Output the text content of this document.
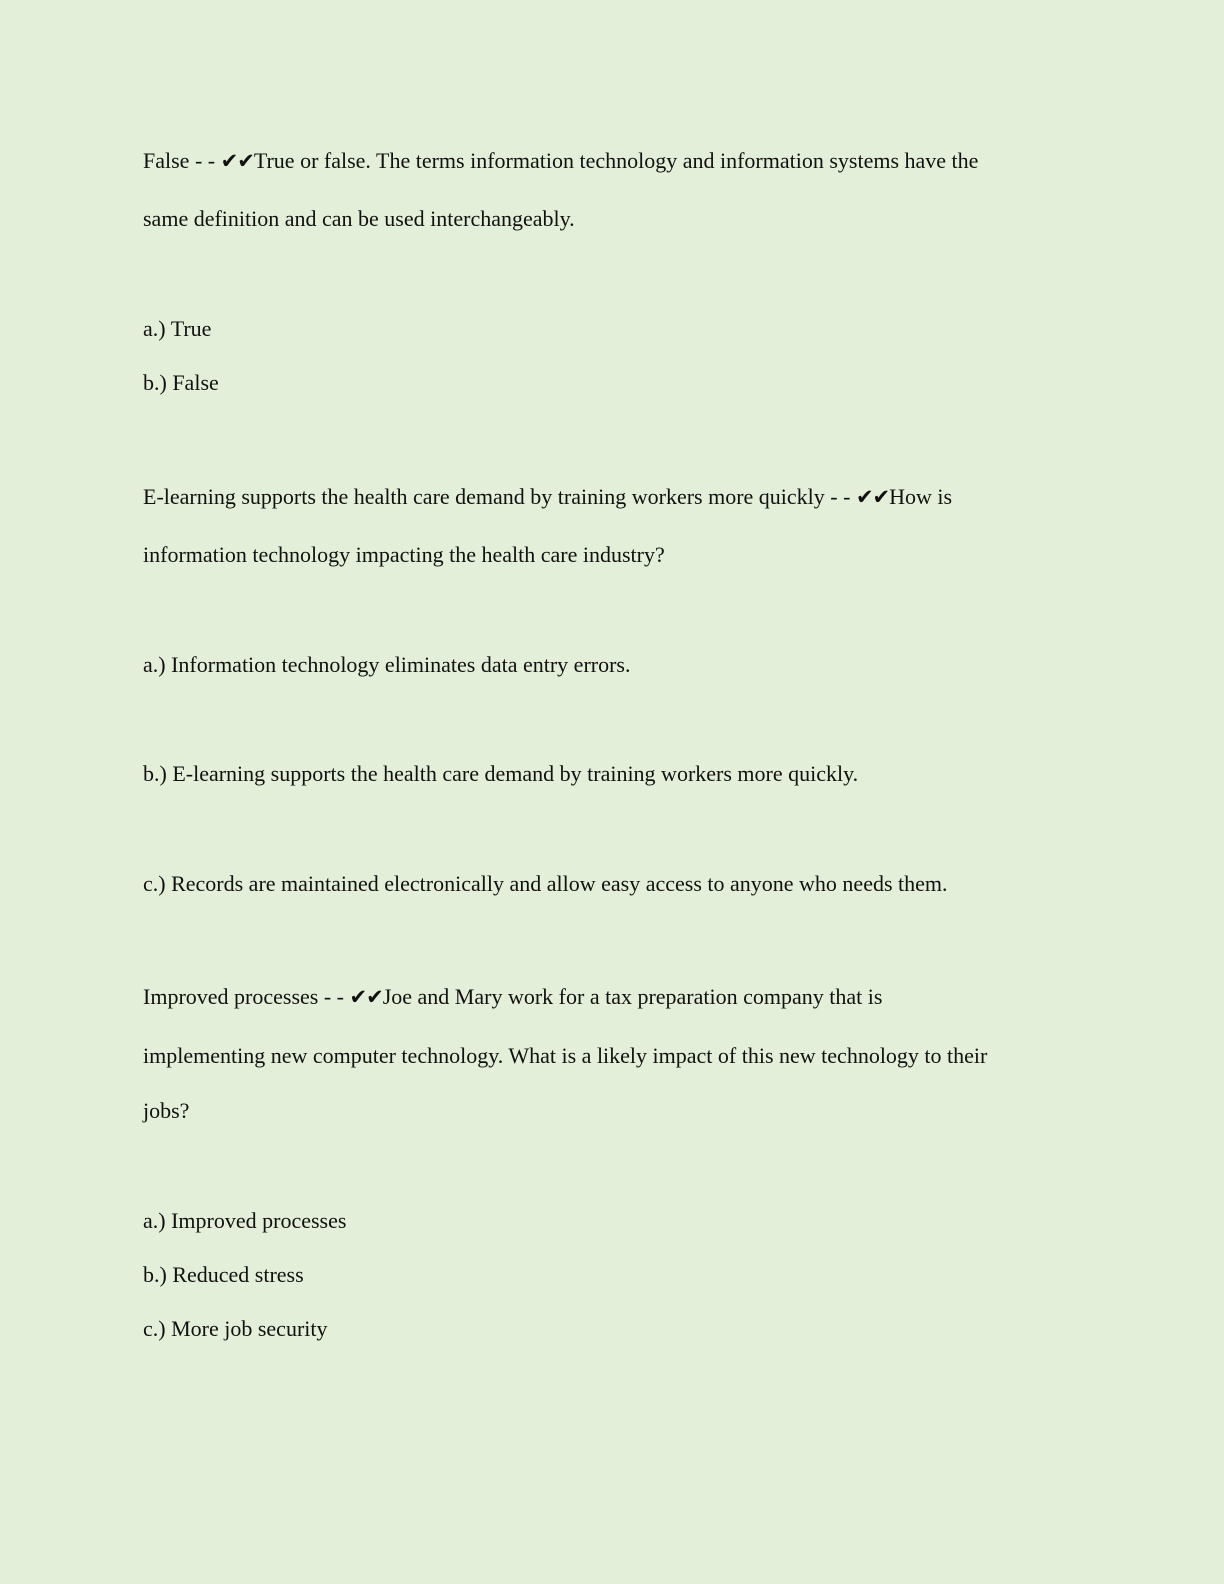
False - - ✔✔True or false. The terms information technology and information systems have the
same definition and can be used interchangeably.
a.) True
b.) False
E-learning supports the health care demand by training workers more quickly - - ✔✔How is
information technology impacting the health care industry?
a.) Information technology eliminates data entry errors.
b.) E-learning supports the health care demand by training workers more quickly.
c.) Records are maintained electronically and allow easy access to anyone who needs them.
Improved processes - - ✔✔Joe and Mary work for a tax preparation company that is
implementing new computer technology. What is a likely impact of this new technology to their
jobs?
a.) Improved processes
b.) Reduced stress
c.) More job security
